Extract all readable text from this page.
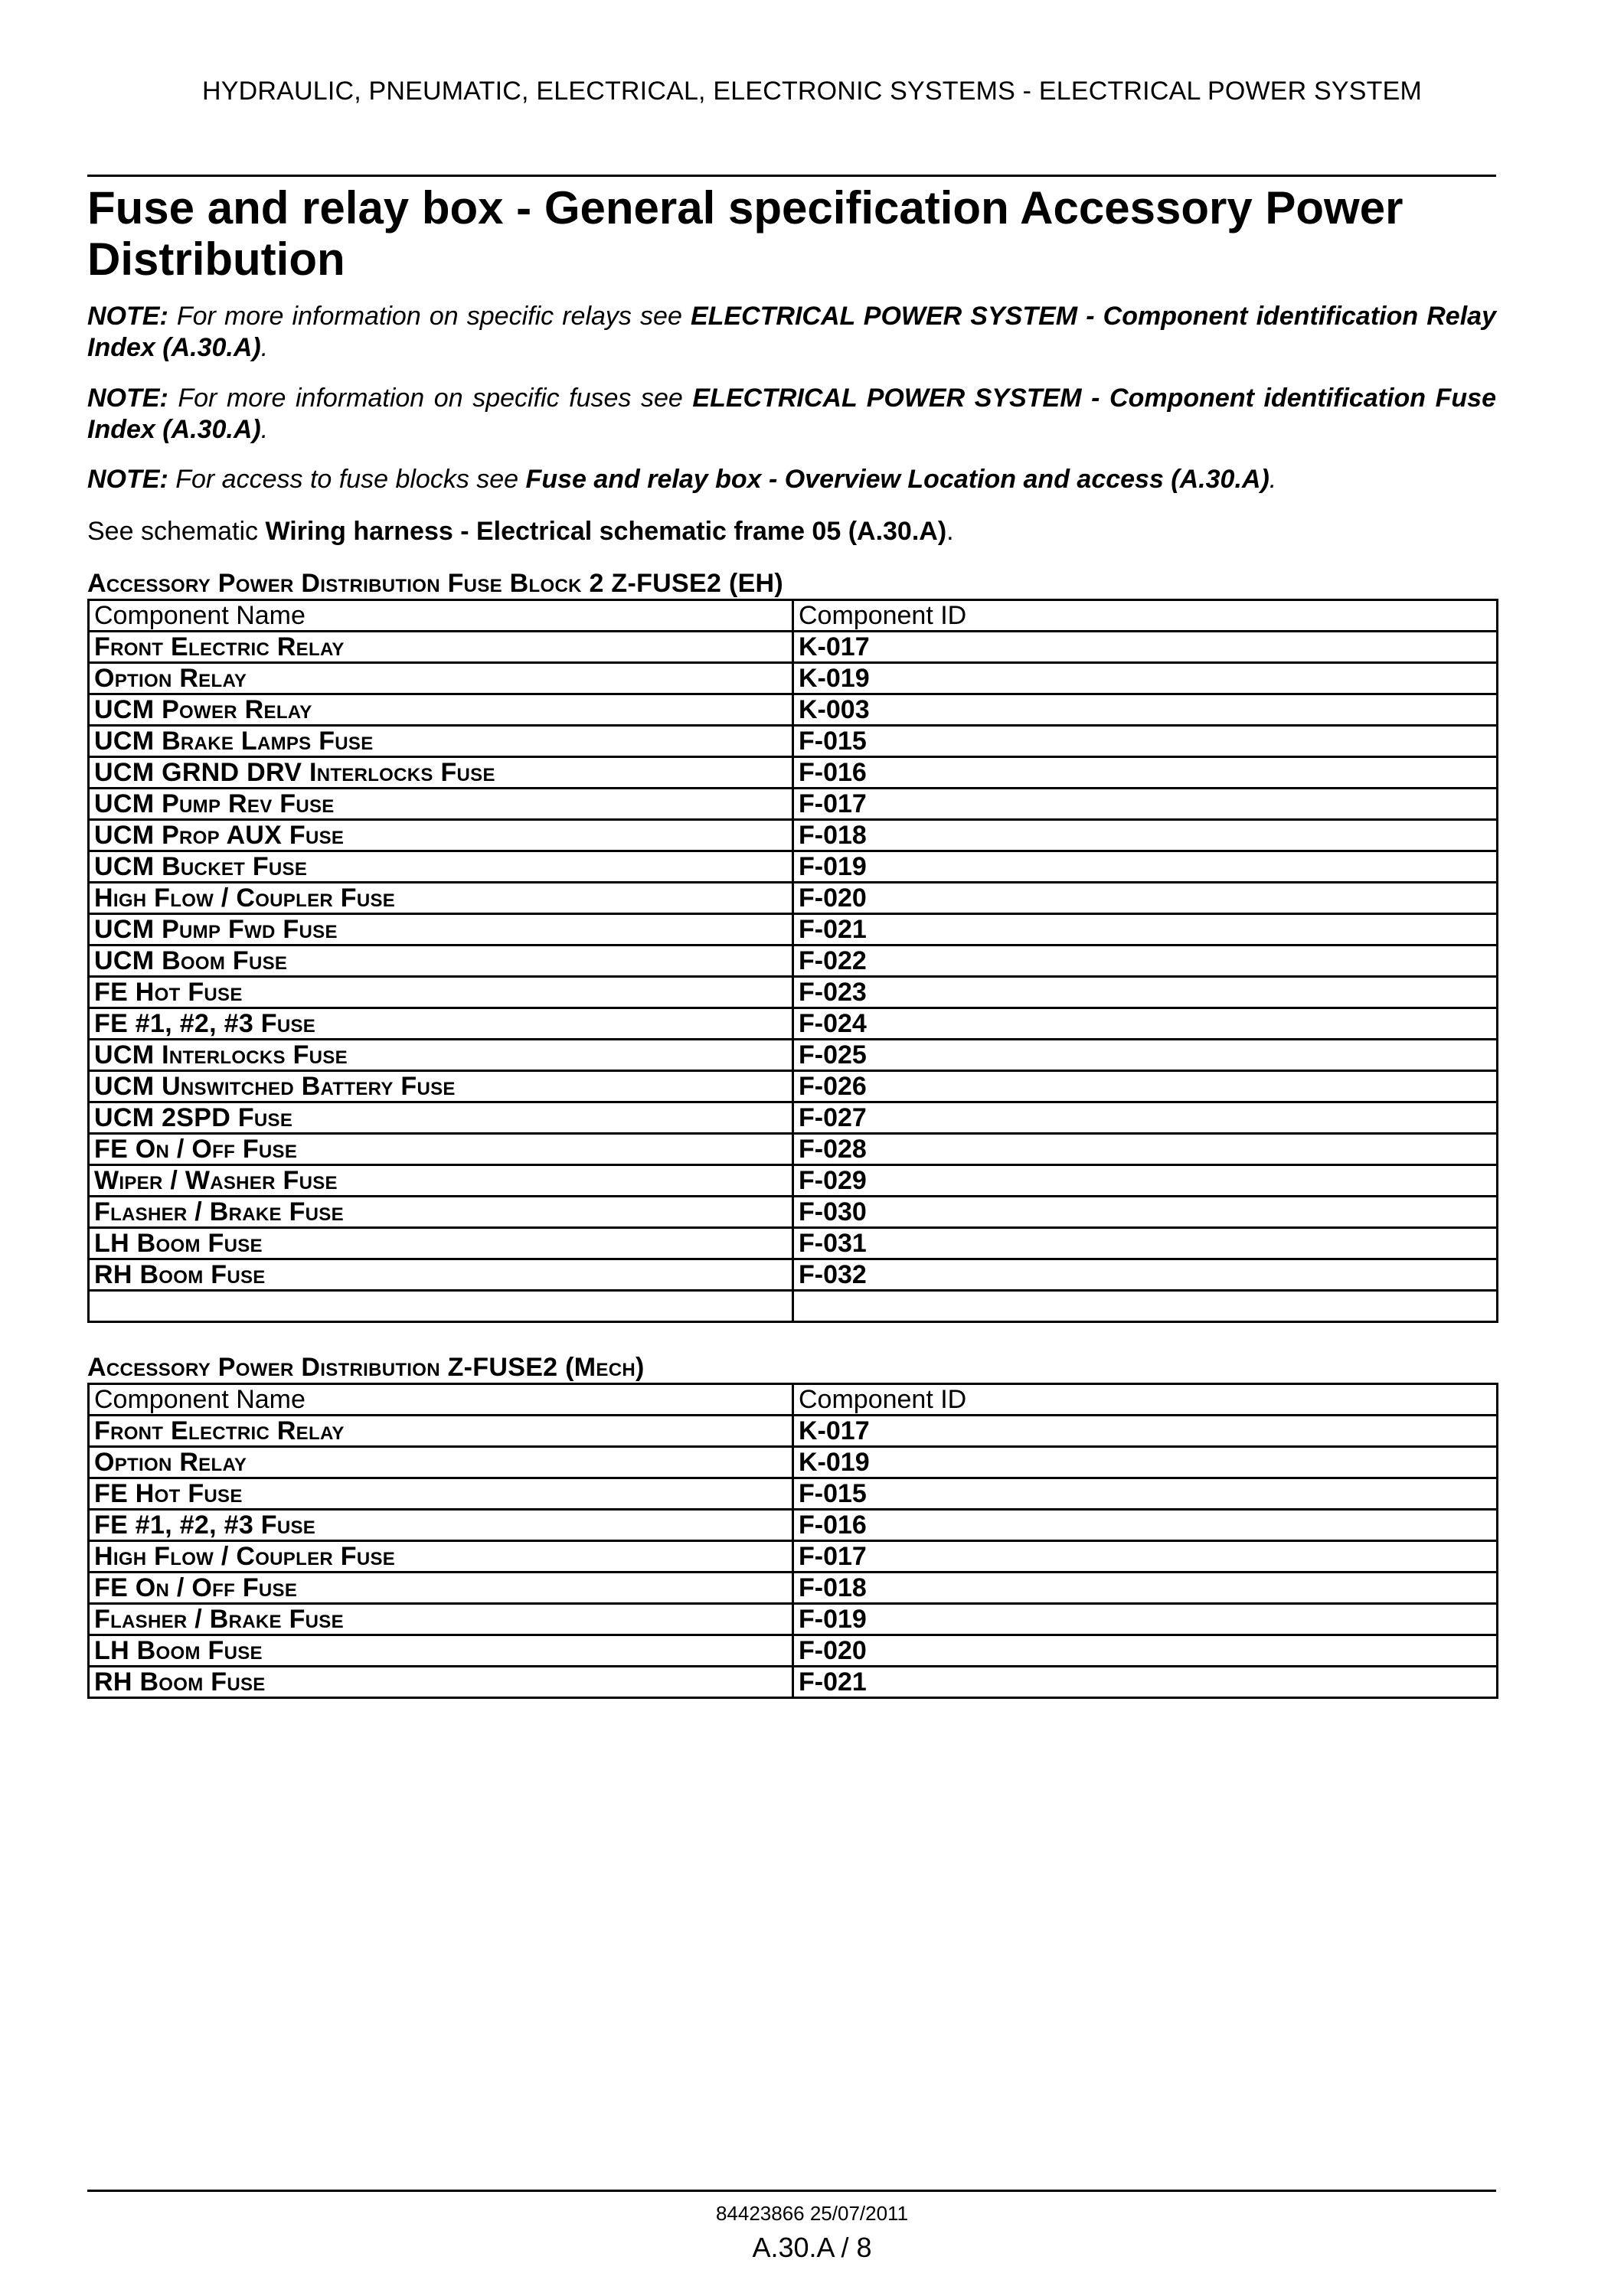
HYDRAULIC, PNEUMATIC, ELECTRICAL, ELECTRONIC SYSTEMS - ELECTRICAL POWER SYSTEM
Fuse and relay box - General specification Accessory Power Distribution

NOTE: For more information on specific relays see ELECTRICAL POWER SYSTEM - Component identification Relay Index (A.30.A).

NOTE: For more information on specific fuses see ELECTRICAL POWER SYSTEM - Component identification Fuse Index (A.30.A).

NOTE: For access to fuse blocks see Fuse and relay box - Overview Location and access (A.30.A).

See schematic Wiring harness - Electrical schematic frame 05 (A.30.A).

Accessory Power Distribution Fuse Block 2 Z-FUSE2 (EH)

Component Name	Component ID
Front Electric Relay	K-017
Option Relay	K-019
UCM Power Relay	K-003
UCM Brake Lamps Fuse	F-015
UCM GRND DRV Interlocks Fuse	F-016
UCM Pump Rev Fuse	F-017
UCM Prop AUX Fuse	F-018
UCM Bucket Fuse	F-019
High Flow / Coupler Fuse	F-020
UCM Pump Fwd Fuse	F-021
UCM Boom Fuse	F-022
FE Hot Fuse	F-023
FE #1, #2, #3 Fuse	F-024
UCM Interlocks Fuse	F-025
UCM Unswitched Battery Fuse	F-026
UCM 2SPD Fuse	F-027
FE On / Off Fuse	F-028
Wiper / Washer Fuse	F-029
Flasher / Brake Fuse	F-030
LH Boom Fuse	F-031
RH Boom Fuse	F-032

Accessory Power Distribution Z-FUSE2 (Mech)

Component Name	Component ID
Front Electric Relay	K-017
Option Relay	K-019
FE Hot Fuse	F-015
FE #1, #2, #3 Fuse	F-016
High Flow / Coupler Fuse	F-017
FE On / Off Fuse	F-018
Flasher / Brake Fuse	F-019
LH Boom Fuse	F-020
RH Boom Fuse	F-021
84423866 25/07/2011
A.30.A / 8
